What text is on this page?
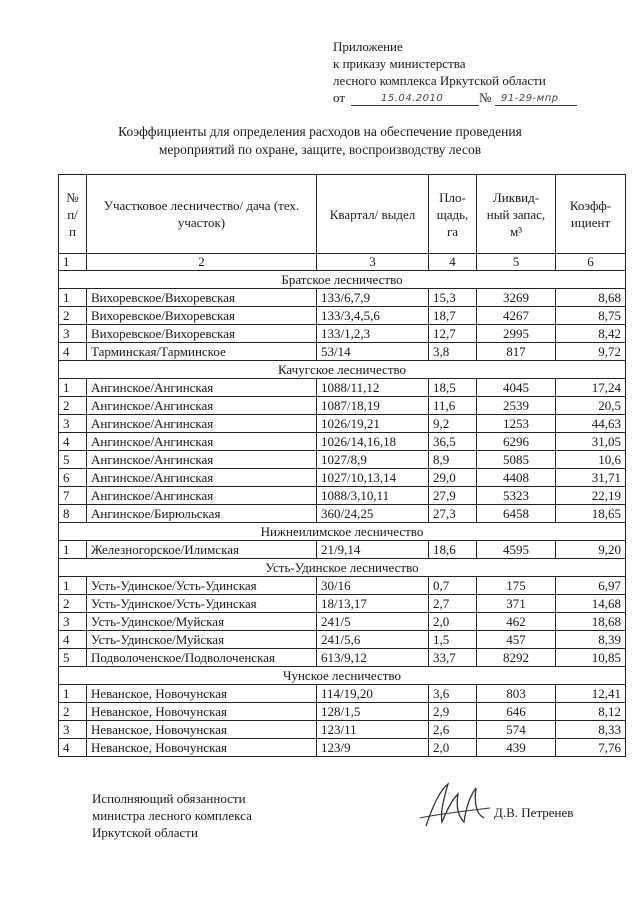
Приложение
к приказу министерства
лесного комплекса Иркутской области
от	15.04.2010	№ 91-29-мпр
Коэффициенты для определения расходов на обеспечение проведения
мероприятий по охране, защите, воспроизводству лесов
№ п/ п	Участковое лесничество/ дача (тех. участок)	Квартал/ выдел	Пло- щадь, га	Ликвид- ный запас, м³	Коэфф- ициент
1	2	3	4	5	6
Братское лесничество					
1	Вихоревское/Вихоревская	133/6,7,9	15,3	3269	8,68
2	Вихоревское/Вихоревская	133/3,4,5,6	18,7	4267	8,75
3	Вихоревское/Вихоревская	133/1,2,3	12,7	2995	8,42
4	Тарминская/Тарминское	53/14	3,8	817	9,72
Качугское лесничество					
1	Ангинское/Ангинская	1088/11,12	18,5	4045	17,24
2	Ангинское/Ангинская	1087/18,19	11,6	2539	20,5
3	Ангинское/Ангинская	1026/19,21	9,2	1253	44,63
4	Ангинское/Ангинская	1026/14,16,18	36,5	6296	31,05
5	Ангинское/Ангинская	1027/8,9	8,9	5085	10,6
6	Ангинское/Ангинская	1027/10,13,14	29,0	4408	31,71
7	Ангинское/Ангинская	1088/3,10,11	27,9	5323	22,19
8	Ангинское/Бирюльская	360/24,25	27,3	6458	18,65
Нижнеилимское лесничество					
1	Железногорское/Илимская	21/9,14	18,6	4595	9,20
Усть-Удинское лесничество					
1	Усть-Удинское/Усть-Удинская	30/16	0,7	175	6,97
2	Усть-Удинское/Усть-Удинская	18/13,17	2,7	371	14,68
3	Усть-Удинское/Муйская	241/5	2,0	462	18,68
4	Усть-Удинское/Муйская	241/5,6	1,5	457	8,39
5	Подволоченское/Подволоченская	613/9,12	33,7	8292	10,85
Чунское лесничество					
1	Неванское, Новочунская	114/19,20	3,6	803	12,41
2	Неванское, Новочунская	128/1,5	2,9	646	8,12
3	Неванское, Новочунская	123/11	2,6	574	8,33
4	Неванское, Новочунская	123/9	2,0	439	7,76
Исполняющий обязанности
министра лесного комплекса
Иркутской области
Д.В. Петренев
